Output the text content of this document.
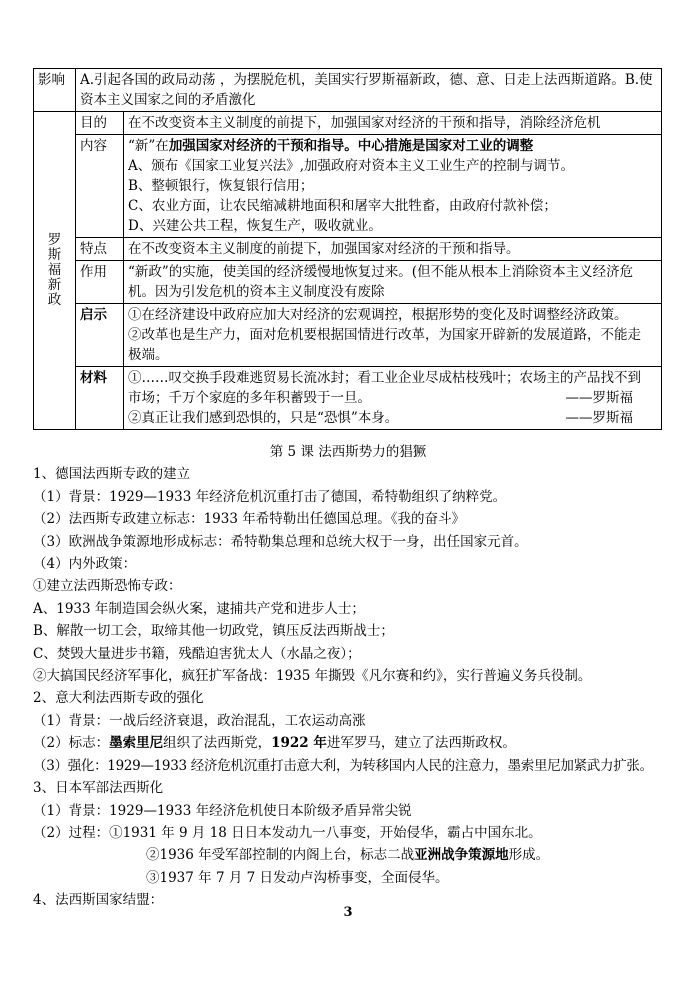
影响	A.引起各国的政局动荡 ，为摆脱危机，美国实行罗斯福新政，德、意、日走上法西斯道路。B.使资本主义国家之间的矛盾激化	

罗斯福新政	目的	在不改变资本主义制度的前提下，加强国家对经济的干预和指导，消除经济危机
	内容	“新”在加强国家对经济的干预和指导。中心措施是国家对工业的调整
A、颁布《国家工业复兴法》,加强政府对资本主义工业生产的控制与调节。
B、整顿银行，恢复银行信用；
C、农业方面，让农民缩减耕地面积和屠宰大批牲畜，由政府付款补偿；
D、兴建公共工程，恢复生产，吸收就业。

	特点	在不改变资本主义制度的前提下，加强国家对经济的干预和指导。
	作用	“新政”的实施，使美国的经济缓慢地恢复过来。(但不能从根本上消除资本主义经济危
机。因为引发危机的资本主义制度没有废除

	启示	①在经济建设中政府应加大对经济的宏观调控，根据形势的变化及时调整经济政策。
②改革也是生产力，面对危机要根据国情进行改革，为国家开辟新的发展道路，不能走
极端。

	材料	①……叹交换手段难逃贸易长流冰封；看工业企业尽成枯枝残叶；农场主的产品找不到
市场；千万个家庭的多年积蓄毁于一旦。 ——罗斯福
②真正让我们感到恐惧的，只是“恐惧”本身。 ——罗斯福
第 5 课 法西斯势力的猖獗
1、德国法西斯专政的建立
（1）背景：1929—1933 年经济危机沉重打击了德国，希特勒组织了纳粹党。
（2）法西斯专政建立标志：1933 年希特勒出任德国总理。《我的奋斗》
（3）欧洲战争策源地形成标志：希特勒集总理和总统大权于一身，出任国家元首。
（4）内外政策：
①建立法西斯恐怖专政：
A、1933 年制造国会纵火案，逮捕共产党和进步人士；
B、解散一切工会，取缔其他一切政党，镇压反法西斯战士；
C、焚毁大量进步书籍，残酷迫害犹太人（水晶之夜）；
②大搞国民经济军事化，疯狂扩军备战：1935 年撕毁《凡尔赛和约》，实行普遍义务兵役制。
2、意大利法西斯专政的强化
（1）背景：一战后经济衰退，政治混乱，工农运动高涨
（2）标志：墨索里尼组织了法西斯党，1922 年进军罗马，建立了法西斯政权。
（3）强化：1929—1933 经济危机沉重打击意大利，为转移国内人民的注意力，墨索里尼加紧武力扩张。
3、日本军部法西斯化
（1）背景：1929—1933 年经济危机使日本阶级矛盾异常尖锐
（2）过程：①1931 年 9 月 18 日日本发动九一八事变，开始侵华，霸占中国东北。
②1936 年受军部控制的内阁上台，标志二战亚洲战争策源地形成。
③1937 年 7 月 7 日发动卢沟桥事变，全面侵华。
4、法西斯国家结盟：
3
